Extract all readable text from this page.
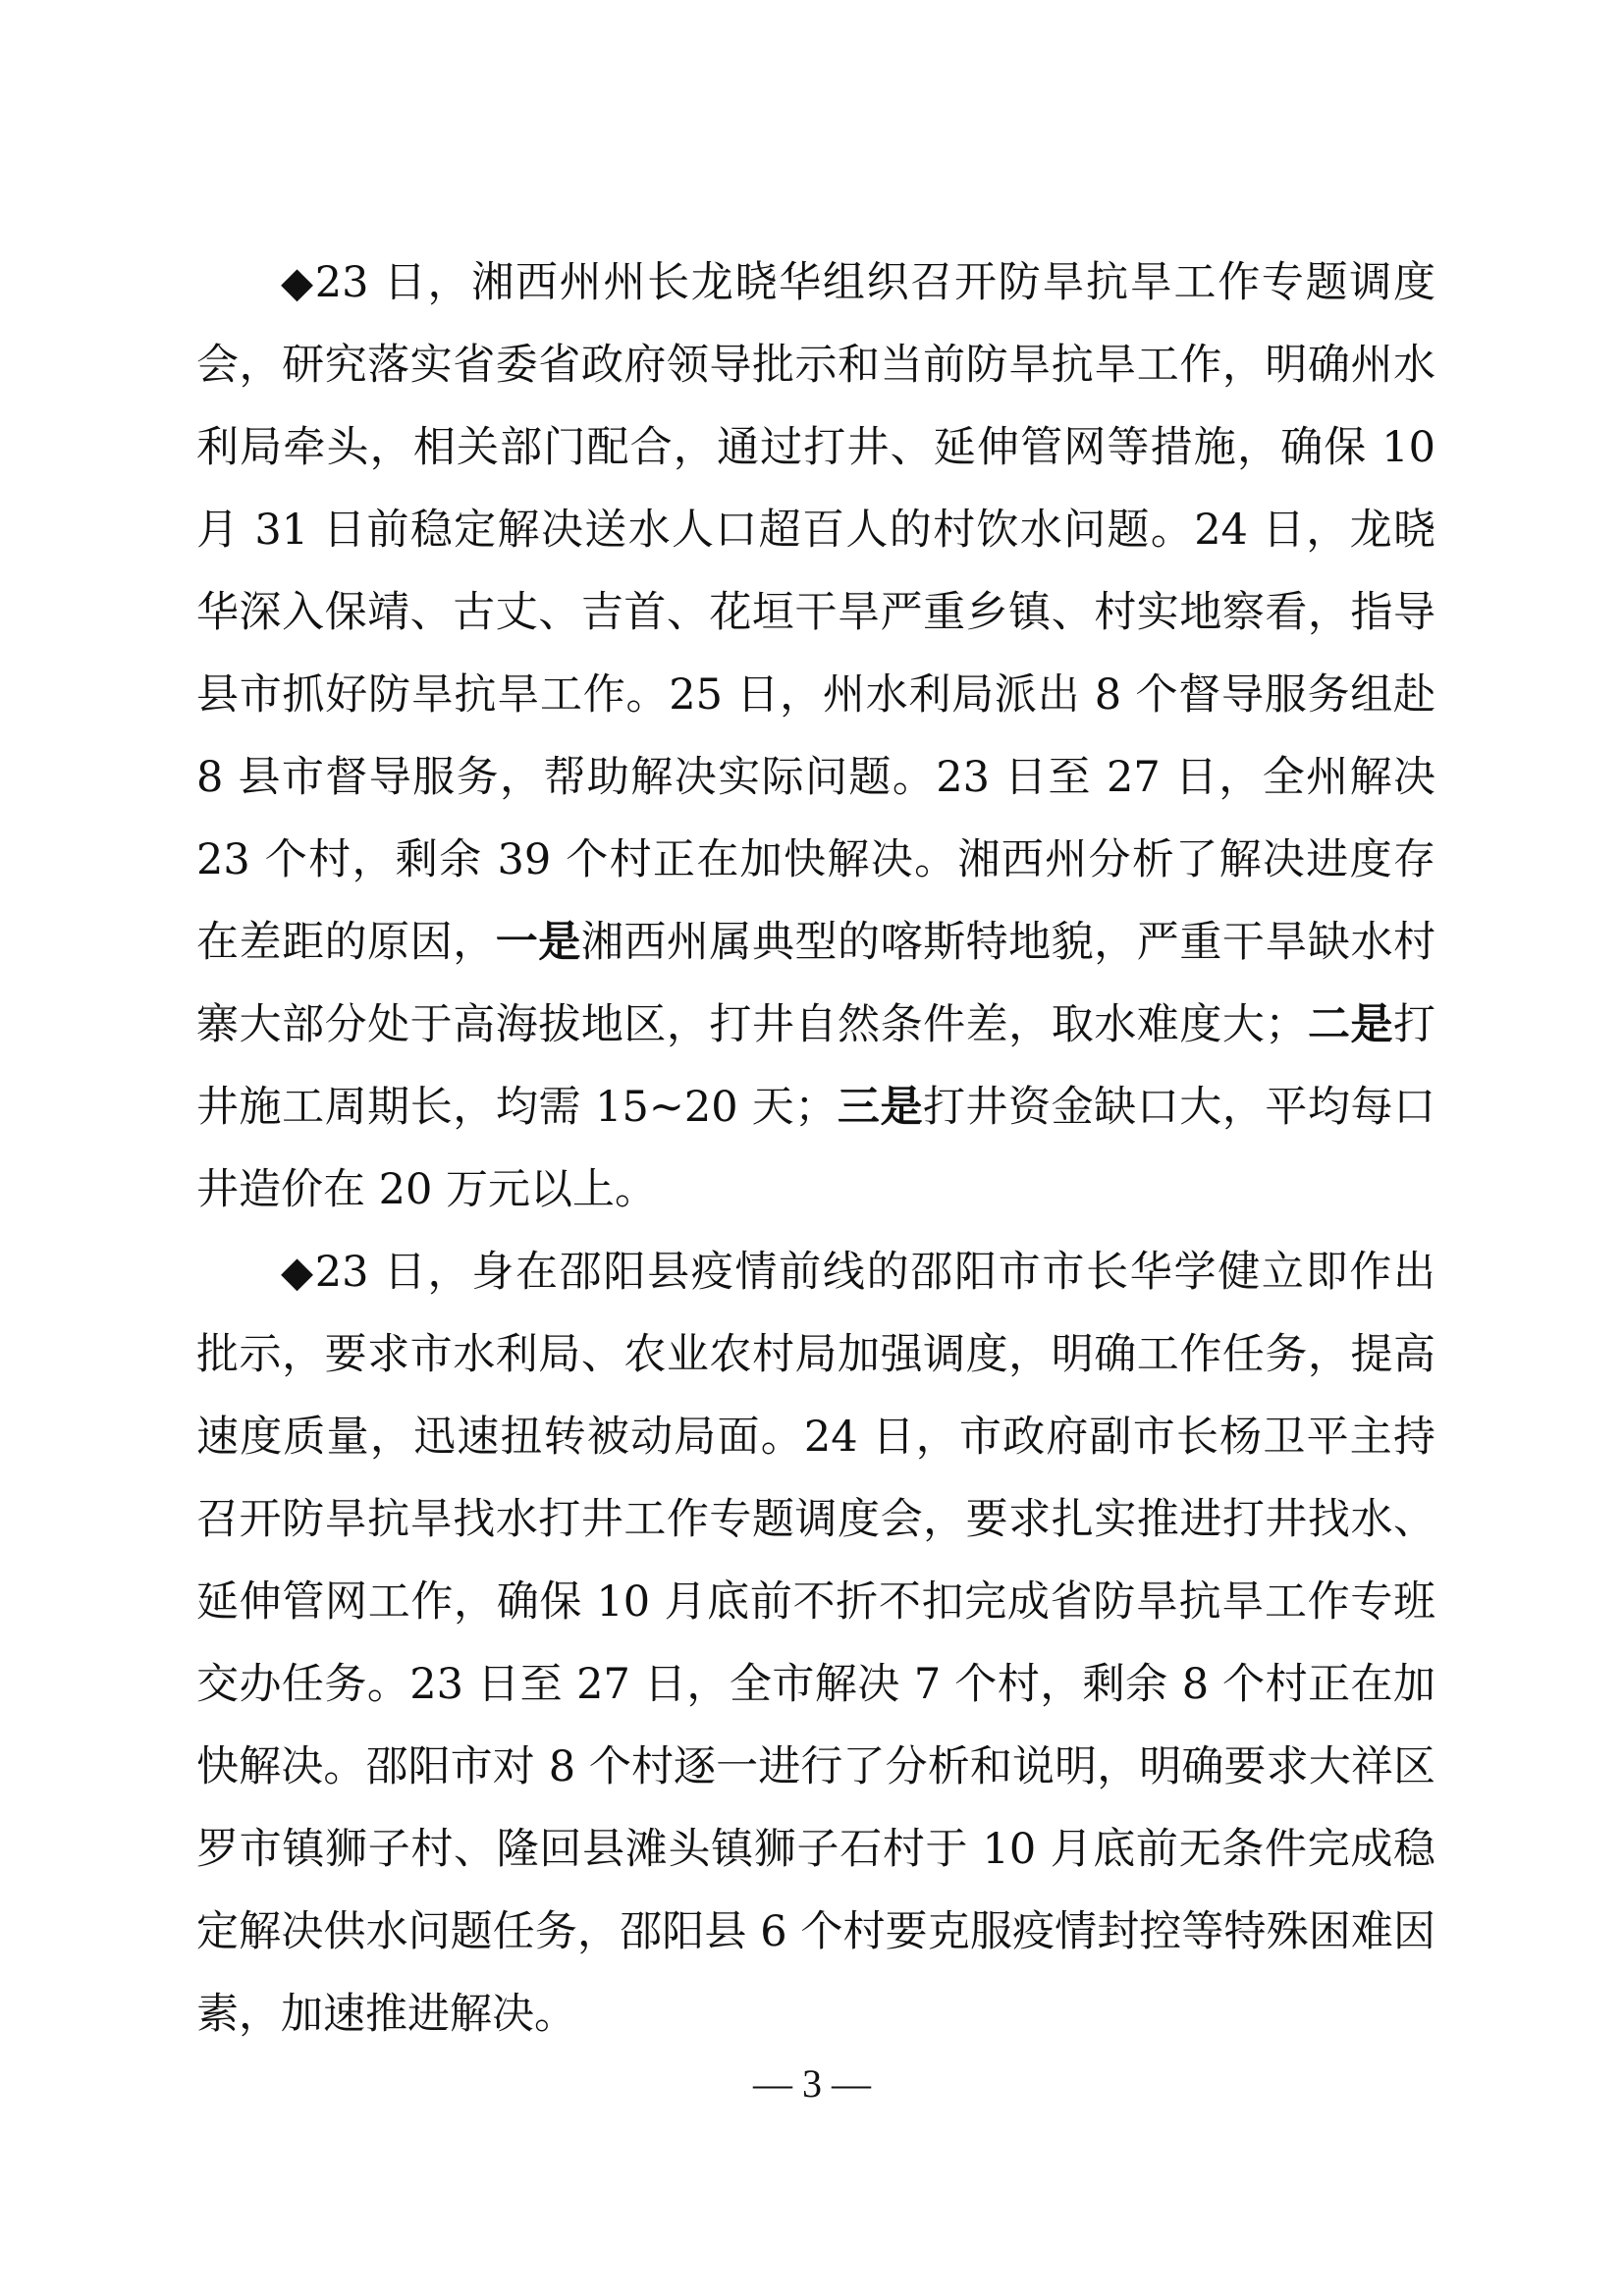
◆23 日，湘西州州长龙晓华组织召开防旱抗旱工作专题调度会，研究落实省委省政府领导批示和当前防旱抗旱工作，明确州水利局牵头，相关部门配合，通过打井、延伸管网等措施，确保 10 月 31 日前稳定解决送水人口超百人的村饮水问题。24 日，龙晓华深入保靖、古丈、吉首、花垣干旱严重乡镇、村实地察看，指导县市抓好防旱抗旱工作。25 日，州水利局派出 8 个督导服务组赴 8 县市督导服务，帮助解决实际问题。23 日至 27 日，全州解决 23 个村，剩余 39 个村正在加快解决。湘西州分析了解决进度存在差距的原因，一是湘西州属典型的喀斯特地貌，严重干旱缺水村寨大部分处于高海拔地区，打井自然条件差，取水难度大；二是打井施工周期长，均需 15~20 天；三是打井资金缺口大，平均每口井造价在 20 万元以上。

◆23 日，身在邵阳县疫情前线的邵阳市市长华学健立即作出批示，要求市水利局、农业农村局加强调度，明确工作任务，提高速度质量，迅速扭转被动局面。24 日，市政府副市长杨卫平主持召开防旱抗旱找水打井工作专题调度会，要求扎实推进打井找水、延伸管网工作，确保 10 月底前不折不扣完成省防旱抗旱工作专班交办任务。23 日至 27 日，全市解决 7 个村，剩余 8 个村正在加快解决。邵阳市对 8 个村逐一进行了分析和说明，明确要求大祥区罗市镇狮子村、隆回县滩头镇狮子石村于 10 月底前无条件完成稳定解决供水问题任务，邵阳县 6 个村要克服疫情封控等特殊困难因素，加速推进解决。

— 3 —
